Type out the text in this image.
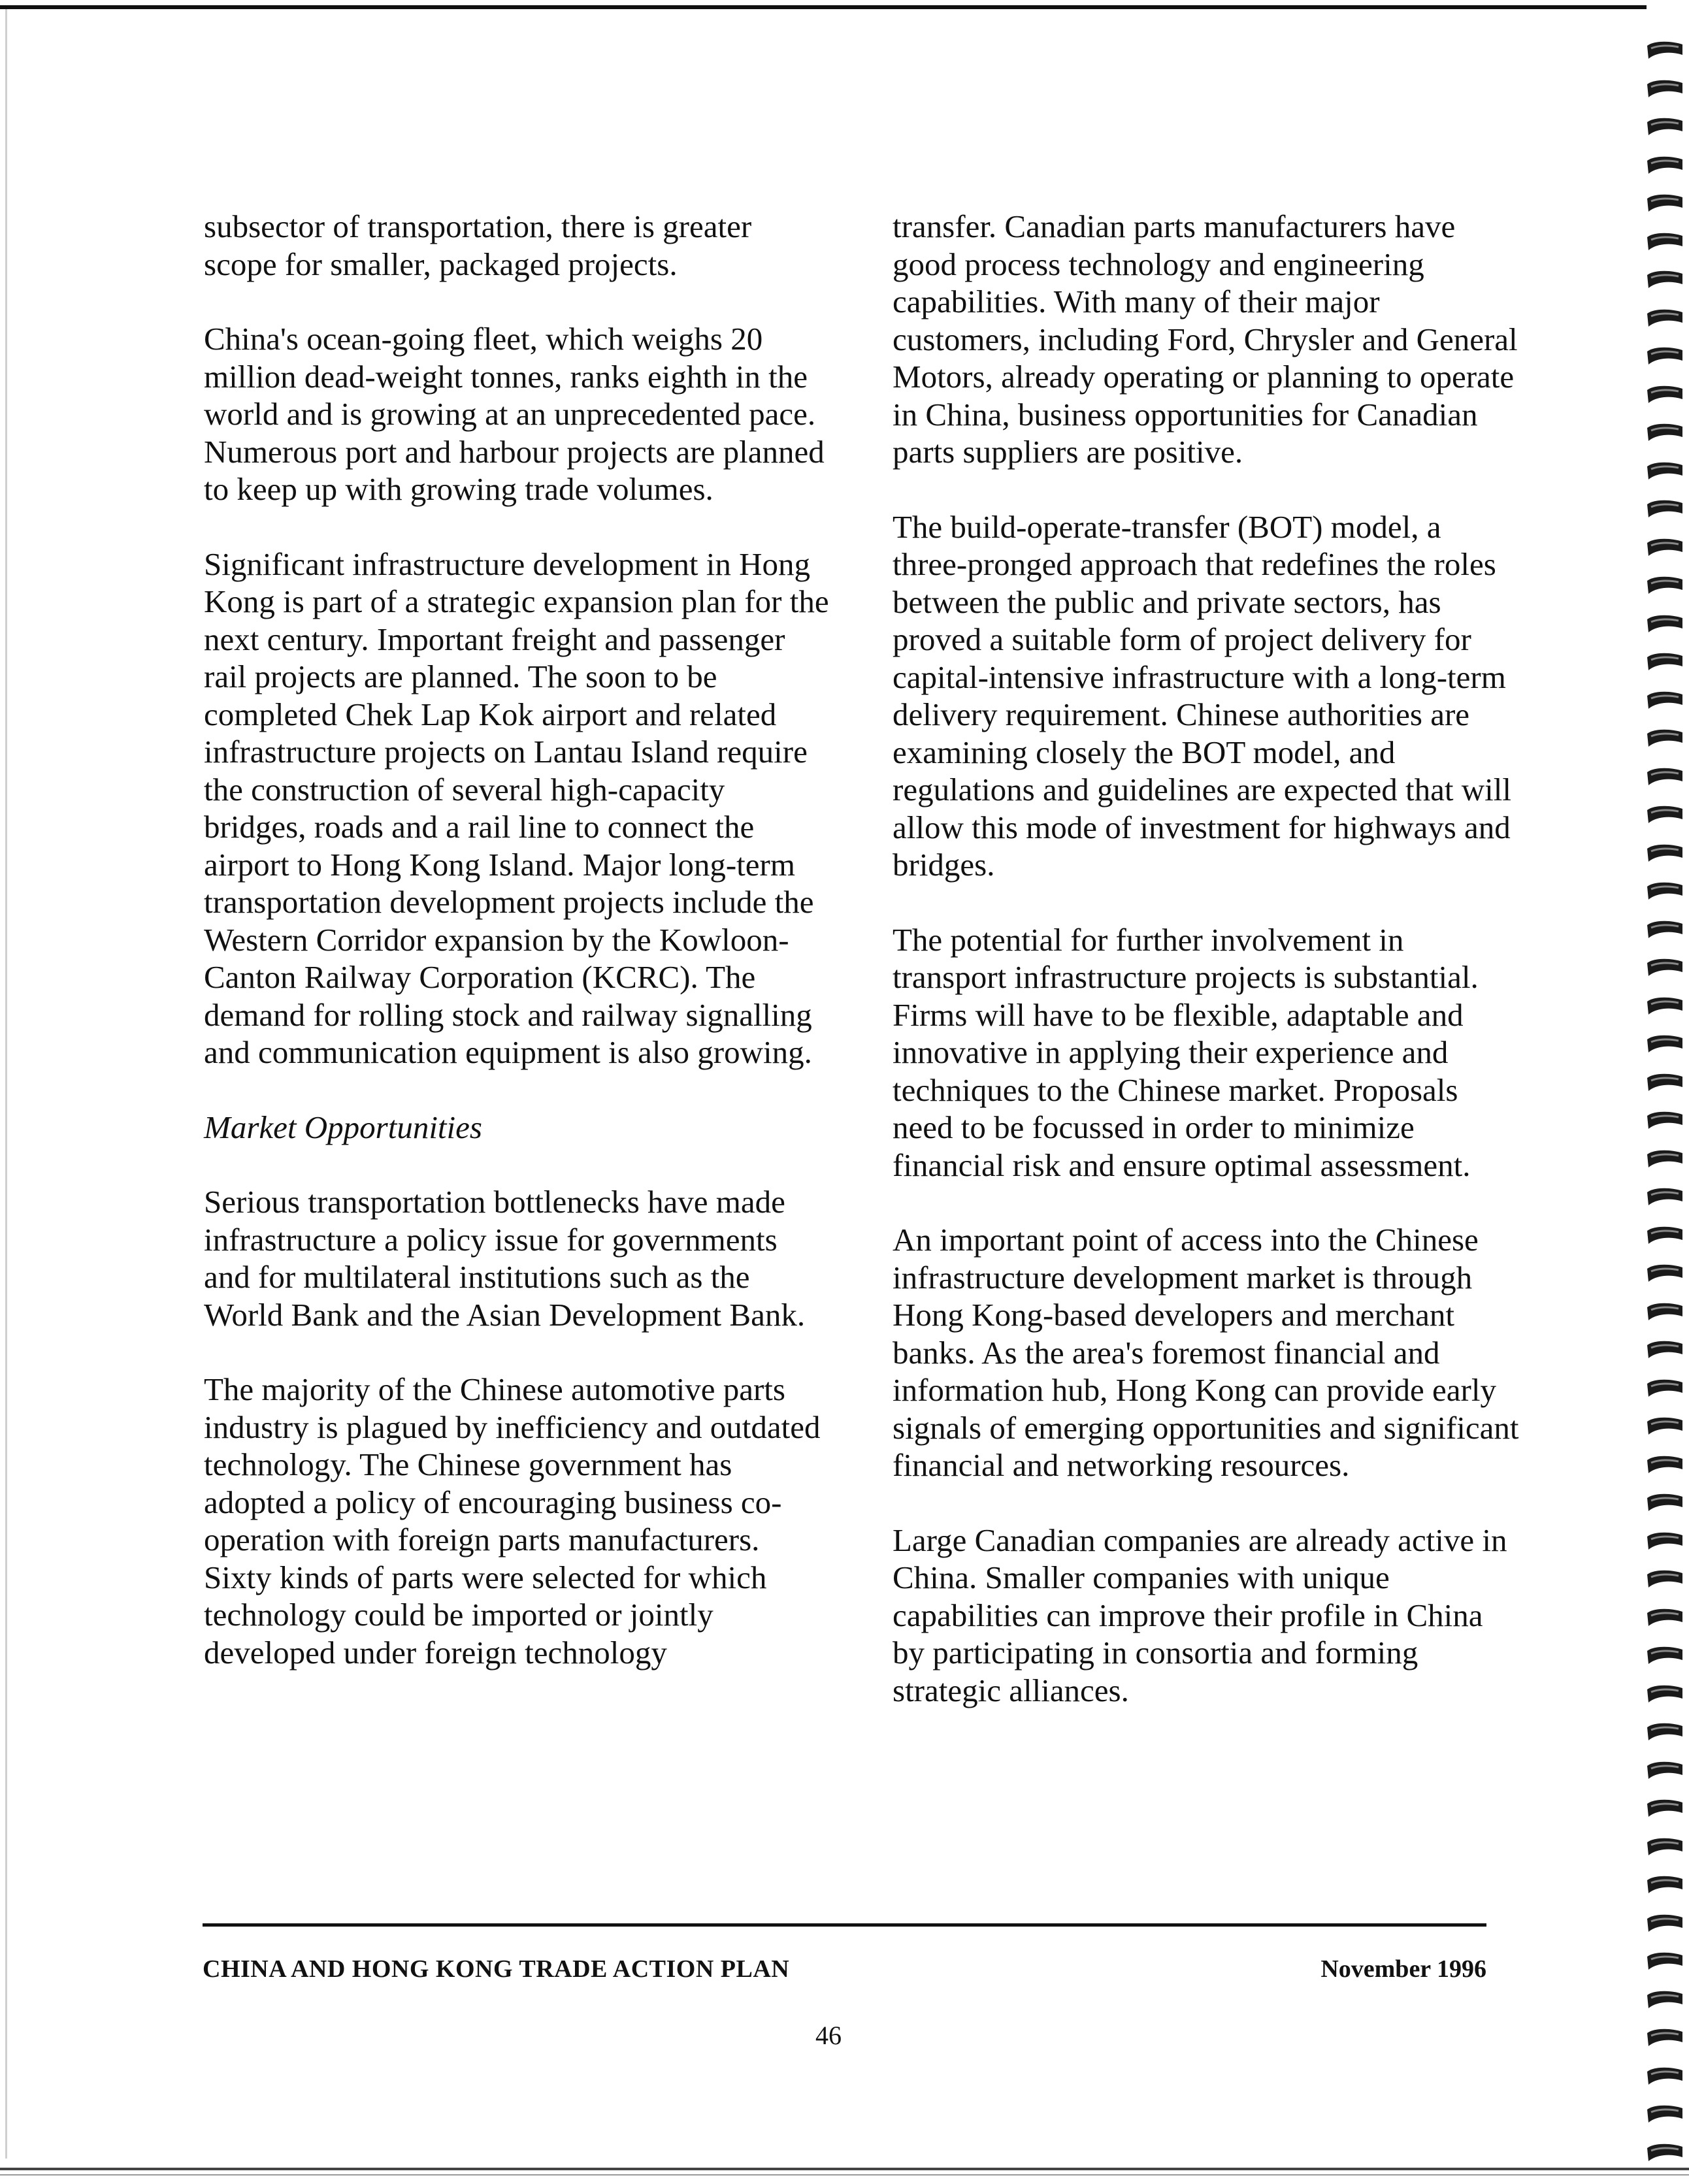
subsector of transportation, there is greater scope for smaller, packaged projects.

China's ocean-going fleet, which weighs 20 million dead-weight tonnes, ranks eighth in the world and is growing at an unprecedented pace. Numerous port and harbour projects are planned to keep up with growing trade volumes.

Significant infrastructure development in Hong Kong is part of a strategic expansion plan for the next century. Important freight and passenger rail projects are planned. The soon to be completed Chek Lap Kok airport and related infrastructure projects on Lantau Island require the construction of several high-capacity bridges, roads and a rail line to connect the airport to Hong Kong Island. Major long-term transportation development projects include the Western Corridor expansion by the Kowloon-Canton Railway Corporation (KCRC). The demand for rolling stock and railway signalling and communication equipment is also growing.

Market Opportunities

Serious transportation bottlenecks have made infrastructure a policy issue for governments and for multilateral institutions such as the World Bank and the Asian Development Bank.

The majority of the Chinese automotive parts industry is plagued by inefficiency and outdated technology. The Chinese government has adopted a policy of encouraging business co-operation with foreign parts manufacturers. Sixty kinds of parts were selected for which technology could be imported or jointly developed under foreign technology

transfer. Canadian parts manufacturers have good process technology and engineering capabilities. With many of their major customers, including Ford, Chrysler and General Motors, already operating or planning to operate in China, business opportunities for Canadian parts suppliers are positive.

The build-operate-transfer (BOT) model, a three-pronged approach that redefines the roles between the public and private sectors, has proved a suitable form of project delivery for capital-intensive infrastructure with a long-term delivery requirement. Chinese authorities are examining closely the BOT model, and regulations and guidelines are expected that will allow this mode of investment for highways and bridges.

The potential for further involvement in transport infrastructure projects is substantial. Firms will have to be flexible, adaptable and innovative in applying their experience and techniques to the Chinese market. Proposals need to be focussed in order to minimize financial risk and ensure optimal assessment.

An important point of access into the Chinese infrastructure development market is through Hong Kong-based developers and merchant banks. As the area's foremost financial and information hub, Hong Kong can provide early signals of emerging opportunities and significant financial and networking resources.

Large Canadian companies are already active in China. Smaller companies with unique capabilities can improve their profile in China by participating in consortia and forming strategic alliances.

CHINA AND HONG KONG TRADE ACTION PLAN	November 1996
46
